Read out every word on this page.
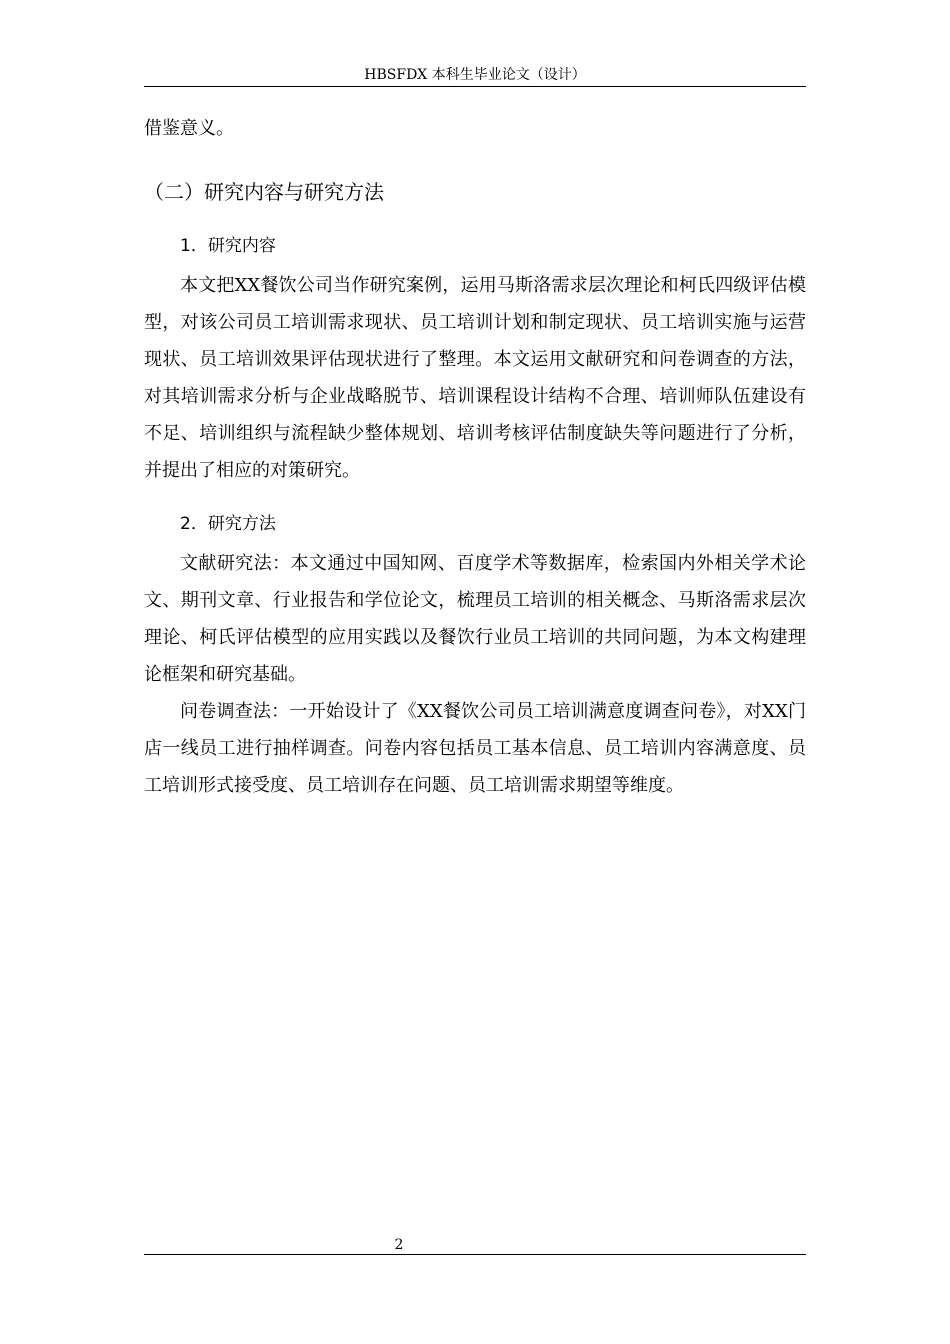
HBSFDX 本科生毕业论文（设计）

借鉴意义。

（二）研究内容与研究方法
1．研究内容

本文把XX餐饮公司当作研究案例，运用马斯洛需求层次理论和柯氏四级评估模型，对该公司员工培训需求现状、员工培训计划和制定现状、员工培训实施与运营现状、员工培训效果评估现状进行了整理。本文运用文献研究和问卷调查的方法，对其培训需求分析与企业战略脱节、培训课程设计结构不合理、培训师队伍建设有不足、培训组织与流程缺少整体规划、培训考核评估制度缺失等问题进行了分析，并提出了相应的对策研究。

2．研究方法

文献研究法：本文通过中国知网、百度学术等数据库，检索国内外相关学术论文、期刊文章、行业报告和学位论文，梳理员工培训的相关概念、马斯洛需求层次理论、柯氏评估模型的应用实践以及餐饮行业员工培训的共同问题，为本文构建理论框架和研究基础。

问卷调查法：一开始设计了《XX餐饮公司员工培训满意度调查问卷》，对XX门店一线员工进行抽样调查。问卷内容包括员工基本信息、员工培训内容满意度、员工培训形式接受度、员工培训存在问题、员工培训需求期望等维度。

2
